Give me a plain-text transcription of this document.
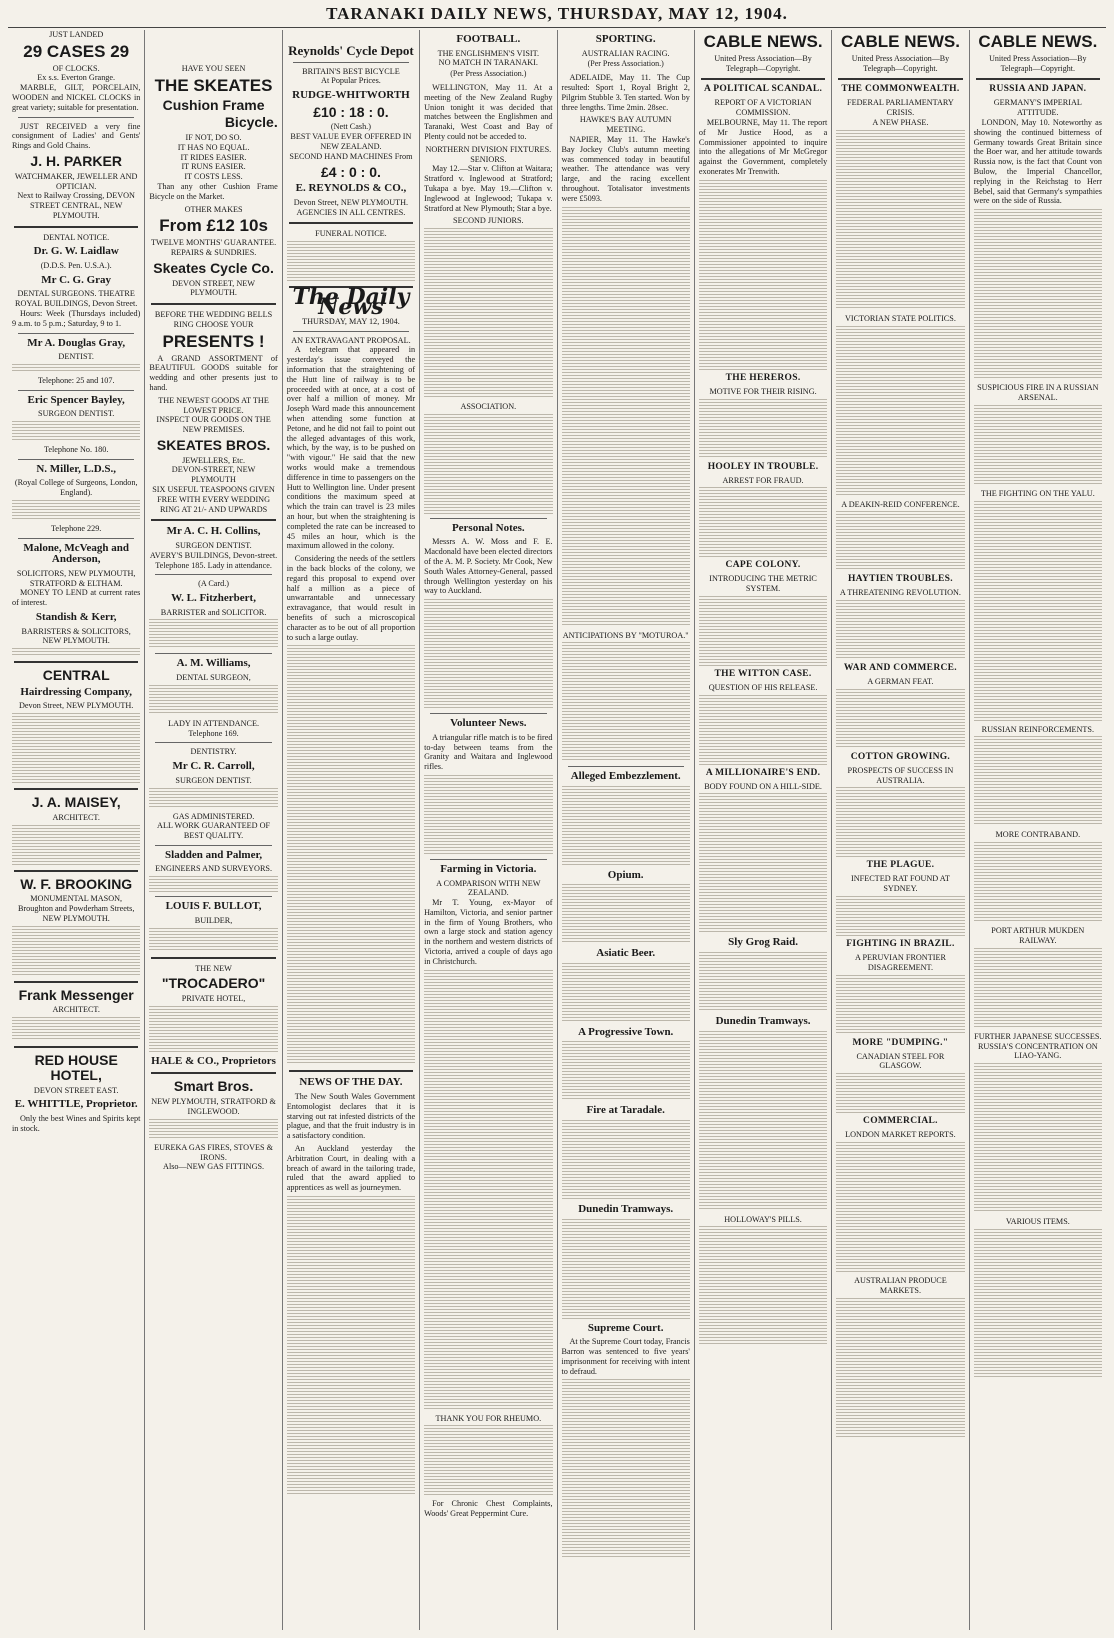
TARANAKI DAILY NEWS, THURSDAY, MAY 12, 1904.
JUST LANDED
29 CASES 29
OF CLOCKS.
Ex s.s. Everton Grange.

MARBLE, GILT, PORCELAIN, WOODEN and NICKEL CLOCKS in great variety; suitable for presentation.

JUST RECEIVED a very fine consignment of Ladies' and Gents' Rings and Gold Chains.

J. H. PARKER
WATCHMAKER, JEWELLER AND OPTICIAN.
Next to Railway Crossing, DEVON STREET CENTRAL, NEW PLYMOUTH.
DENTAL NOTICE.
Dr. G. W. Laidlaw
(D.D.S. Pen. U.S.A.).
Mr C. G. Gray
DENTAL SURGEONS. THEATRE ROYAL BUILDINGS, Devon Street.

Hours: Week (Thursdays included) 9 a.m. to 5 p.m.; Saturday, 9 to 1.

Mr A. Douglas Gray,
DENTIST.
Telephone: 25 and 107.
Eric Spencer Bayley,
SURGEON DENTIST.
Telephone No. 180.
N. Miller, L.D.S.,
(Royal College of Surgeons, London, England).
Telephone 229.
Malone, McVeagh and Anderson,
SOLICITORS, NEW PLYMOUTH, STRATFORD & ELTHAM.

MONEY TO LEND at current rates of interest.

Standish & Kerr,
BARRISTERS & SOLICITORS, NEW PLYMOUTH.
CENTRAL
Hairdressing Company,
Devon Street, NEW PLYMOUTH.
J. A. MAISEY,
ARCHITECT.
W. F. BROOKING
MONUMENTAL MASON, Broughton and Powderham Streets, NEW PLYMOUTH.
Frank Messenger
ARCHITECT.
RED HOUSE HOTEL,
DEVON STREET EAST.
E. WHITTLE, Proprietor.

Only the best Wines and Spirits kept in stock.

HAVE YOU SEEN
THE SKEATES
Cushion Frame
Bicycle.
IF NOT, DO SO.
IT HAS NO EQUAL.
IT RIDES EASIER.
IT RUNS EASIER.
IT COSTS LESS.

Than any other Cushion Frame Bicycle on the Market.

OTHER MAKES
From £12 10s
TWELVE MONTHS' GUARANTEE.
REPAIRS & SUNDRIES.
Skeates Cycle Co.
DEVON STREET, NEW PLYMOUTH.
BEFORE THE WEDDING BELLS RING CHOOSE YOUR
PRESENTS !

A GRAND ASSORTMENT of BEAUTIFUL GOODS suitable for wedding and other presents just to hand.

THE NEWEST GOODS AT THE LOWEST PRICE.
INSPECT OUR GOODS ON THE NEW PREMISES.
SKEATES BROS.
JEWELLERS, Etc.
DEVON-STREET, NEW PLYMOUTH
SIX USEFUL TEASPOONS GIVEN FREE WITH EVERY WEDDING RING AT 21/- AND UPWARDS
Mr A. C. H. Collins,
SURGEON DENTIST.
AVERY'S BUILDINGS, Devon-street.
Telephone 185. Lady in attendance.
(A Card.)
W. L. Fitzherbert,
BARRISTER and SOLICITOR.
A. M. Williams,
DENTAL SURGEON,
LADY IN ATTENDANCE.
Telephone 169.
DENTISTRY.
Mr C. R. Carroll,
SURGEON DENTIST.
GAS ADMINISTERED.
ALL WORK GUARANTEED OF BEST QUALITY.
Sladden and Palmer,
ENGINEERS AND SURVEYORS.
LOUIS F. BULLOT,
BUILDER,
THE NEW
"TROCADERO"
PRIVATE HOTEL,
HALE & CO., Proprietors
Smart Bros.
NEW PLYMOUTH, STRATFORD & INGLEWOOD.
EUREKA GAS FIRES, STOVES & IRONS.
Also—NEW GAS FITTINGS.
Reynolds' Cycle Depot
BRITAIN'S BEST BICYCLE
At Popular Prices.
RUDGE-WHITWORTH
£10 : 18 : 0.
(Nett Cash.)
BEST VALUE EVER OFFERED IN NEW ZEALAND.
SECOND HAND MACHINES From
£4 : 0 : 0.
E. REYNOLDS & CO.,
Devon Street, NEW PLYMOUTH.
AGENCIES IN ALL CENTRES.
FUNERAL NOTICE.
The Daily News
THURSDAY, MAY 12, 1904.
AN EXTRAVAGANT PROPOSAL.

A telegram that appeared in yesterday's issue conveyed the information that the straightening of the Hutt line of railway is to be proceeded with at once, at a cost of over half a million of money. Mr Joseph Ward made this announcement when attending some function at Petone, and he did not fail to point out the alleged advantages of this work, which, by the way, is to be pushed on "with vigour." He said that the new works would make a tremendous difference in time to passengers on the Hutt to Wellington line. Under present conditions the maximum speed at which the train can travel is 23 miles an hour, but when the straightening is completed the rate can be increased to 45 miles an hour, which is the maximum allowed in the colony.

Considering the needs of the settlers in the back blocks of the colony, we regard this proposal to expend over half a million as a piece of unwarrantable and unnecessary extravagance, that would result in benefits of such a microscopical character as to be out of all proportion to such a large outlay.

NEWS OF THE DAY.

The New South Wales Government Entomologist declares that it is starving out rat infested districts of the plague, and that the fruit industry is in a satisfactory condition.

An Auckland yesterday the Arbitration Court, in dealing with a breach of award in the tailoring trade, ruled that the award applied to apprentices as well as journeymen.

FOOTBALL.
THE ENGLISHMEN'S VISIT.
NO MATCH IN TARANAKI.
(Per Press Association.)

WELLINGTON, May 11. At a meeting of the New Zealand Rugby Union tonight it was decided that matches between the Englishmen and Taranaki, West Coast and Bay of Plenty could not be acceded to.

NORTHERN DIVISION FIXTURES.
SENIORS.

May 12.—Star v. Clifton at Waitara; Stratford v. Inglewood at Stratford; Tukapa a bye. May 19.—Clifton v. Inglewood at Inglewood; Tukapa v. Stratford at New Plymouth; Star a bye.

SECOND JUNIORS.
ASSOCIATION.
Personal Notes.

Messrs A. W. Moss and F. E. Macdonald have been elected directors of the A. M. P. Society. Mr Cook, New South Wales Attorney-General, passed through Wellington yesterday on his way to Auckland.

Volunteer News.

A triangular rifle match is to be fired to-day between teams from the Granity and Waitara and Inglewood rifles.

Farming in Victoria.
A COMPARISON WITH NEW ZEALAND.

Mr T. Young, ex-Mayor of Hamilton, Victoria, and senior partner in the firm of Young Brothers, who own a large stock and station agency in the northern and western districts of Victoria, arrived a couple of days ago in Christchurch.

THANK YOU FOR RHEUMO.

For Chronic Chest Complaints, Woods' Great Peppermint Cure.

SPORTING.
AUSTRALIAN RACING.
(Per Press Association.)

ADELAIDE, May 11. The Cup resulted: Sport 1, Royal Bright 2, Pilgrim Stubble 3. Ten started. Won by three lengths. Time 2min. 28sec.

HAWKE'S BAY AUTUMN MEETING.

NAPIER, May 11. The Hawke's Bay Jockey Club's autumn meeting was commenced today in beautiful weather. The attendance was very large, and the racing excellent throughout. Totalisator investments were £5093.

ANTICIPATIONS BY "MOTUROA."
Alleged Embezzlement.
Opium.
Asiatic Beer.
A Progressive Town.
Fire at Taradale.
Dunedin Tramways.
Supreme Court.

At the Supreme Court today, Francis Barron was sentenced to five years' imprisonment for receiving with intent to defraud.

CABLE NEWS.
United Press Association—By Telegraph—Copyright.
A POLITICAL SCANDAL.
REPORT OF A VICTORIAN COMMISSION.

MELBOURNE, May 11. The report of Mr Justice Hood, as a Commissioner appointed to inquire into the allegations of Mr McGregor against the Government, completely exonerates Mr Trenwith.

THE HEREROS.
MOTIVE FOR THEIR RISING.
HOOLEY IN TROUBLE.
ARREST FOR FRAUD.
CAPE COLONY.
INTRODUCING THE METRIC SYSTEM.
THE WITTON CASE.
QUESTION OF HIS RELEASE.
A MILLIONAIRE'S END.
BODY FOUND ON A HILL-SIDE.
Sly Grog Raid.
Dunedin Tramways.
HOLLOWAY'S PILLS.
CABLE NEWS.
United Press Association—By Telegraph—Copyright.
THE COMMONWEALTH.
FEDERAL PARLIAMENTARY CRISIS.
A NEW PHASE.
VICTORIAN STATE POLITICS.
A DEAKIN-REID CONFERENCE.
HAYTIEN TROUBLES.
A THREATENING REVOLUTION.
WAR AND COMMERCE.
A GERMAN FEAT.
COTTON GROWING.
PROSPECTS OF SUCCESS IN AUSTRALIA.
THE PLAGUE.
INFECTED RAT FOUND AT SYDNEY.
FIGHTING IN BRAZIL.
A PERUVIAN FRONTIER DISAGREEMENT.
MORE "DUMPING."
CANADIAN STEEL FOR GLASGOW.
COMMERCIAL.
LONDON MARKET REPORTS.
AUSTRALIAN PRODUCE MARKETS.
CABLE NEWS.
United Press Association—By Telegraph—Copyright.
RUSSIA AND JAPAN.
GERMANY'S IMPERIAL ATTITUDE.

LONDON, May 10. Noteworthy as showing the continued bitterness of Germany towards Great Britain since the Boer war, and her attitude towards Russia now, is the fact that Count von Bulow, the Imperial Chancellor, replying in the Reichstag to Herr Bebel, said that Germany's sympathies were on the side of Russia.

SUSPICIOUS FIRE IN A RUSSIAN ARSENAL.
THE FIGHTING ON THE YALU.
RUSSIAN REINFORCEMENTS.
MORE CONTRABAND.
PORT ARTHUR MUKDEN RAILWAY.
FURTHER JAPANESE SUCCESSES.
RUSSIA'S CONCENTRATION ON LIAO-YANG.
VARIOUS ITEMS.
